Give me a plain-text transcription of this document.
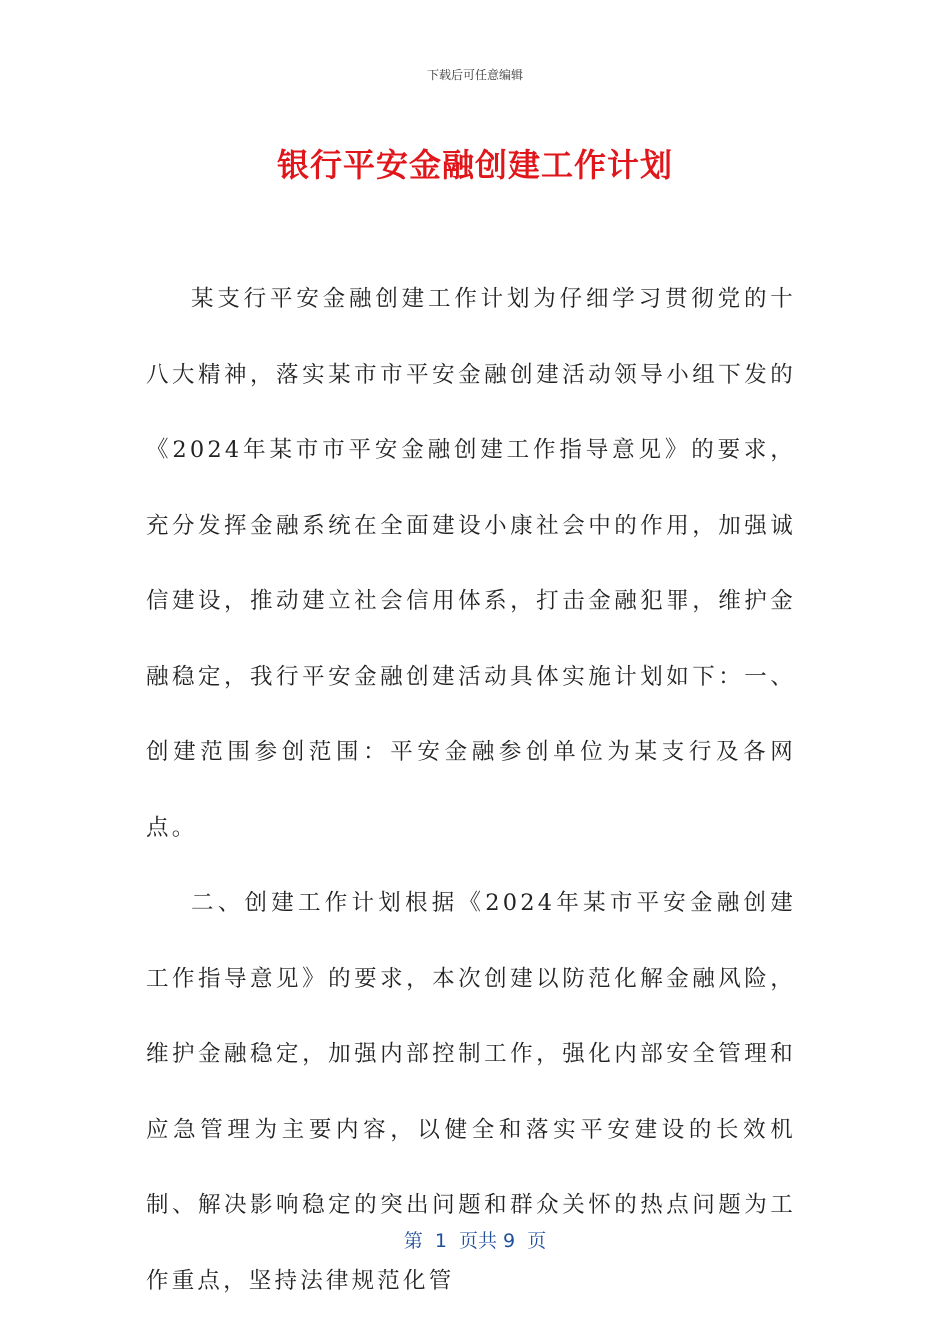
下载后可任意编辑
银行平安金融创建工作计划

某支行平安金融创建工作计划为仔细学习贯彻党的十八大精神，落实某市市平安金融创建活动领导小组下发的《2024年某市市平安金融创建工作指导意见》的要求，充分发挥金融系统在全面建设小康社会中的作用，加强诚信建设，推动建立社会信用体系，打击金融犯罪，维护金融稳定，我行平安金融创建活动具体实施计划如下：一、创建范围参创范围：平安金融参创单位为某支行及各网点。

二、创建工作计划根据《2024年某市平安金融创建工作指导意见》的要求，本次创建以防范化解金融风险，维护金融稳定，加强内部控制工作，强化内部安全管理和应急管理为主要内容，以健全和落实平安建设的长效机制、解决影响稳定的突出问题和群众关怀的热点问题为工作重点，坚持法律规范化管

第  1  页共 9  页
